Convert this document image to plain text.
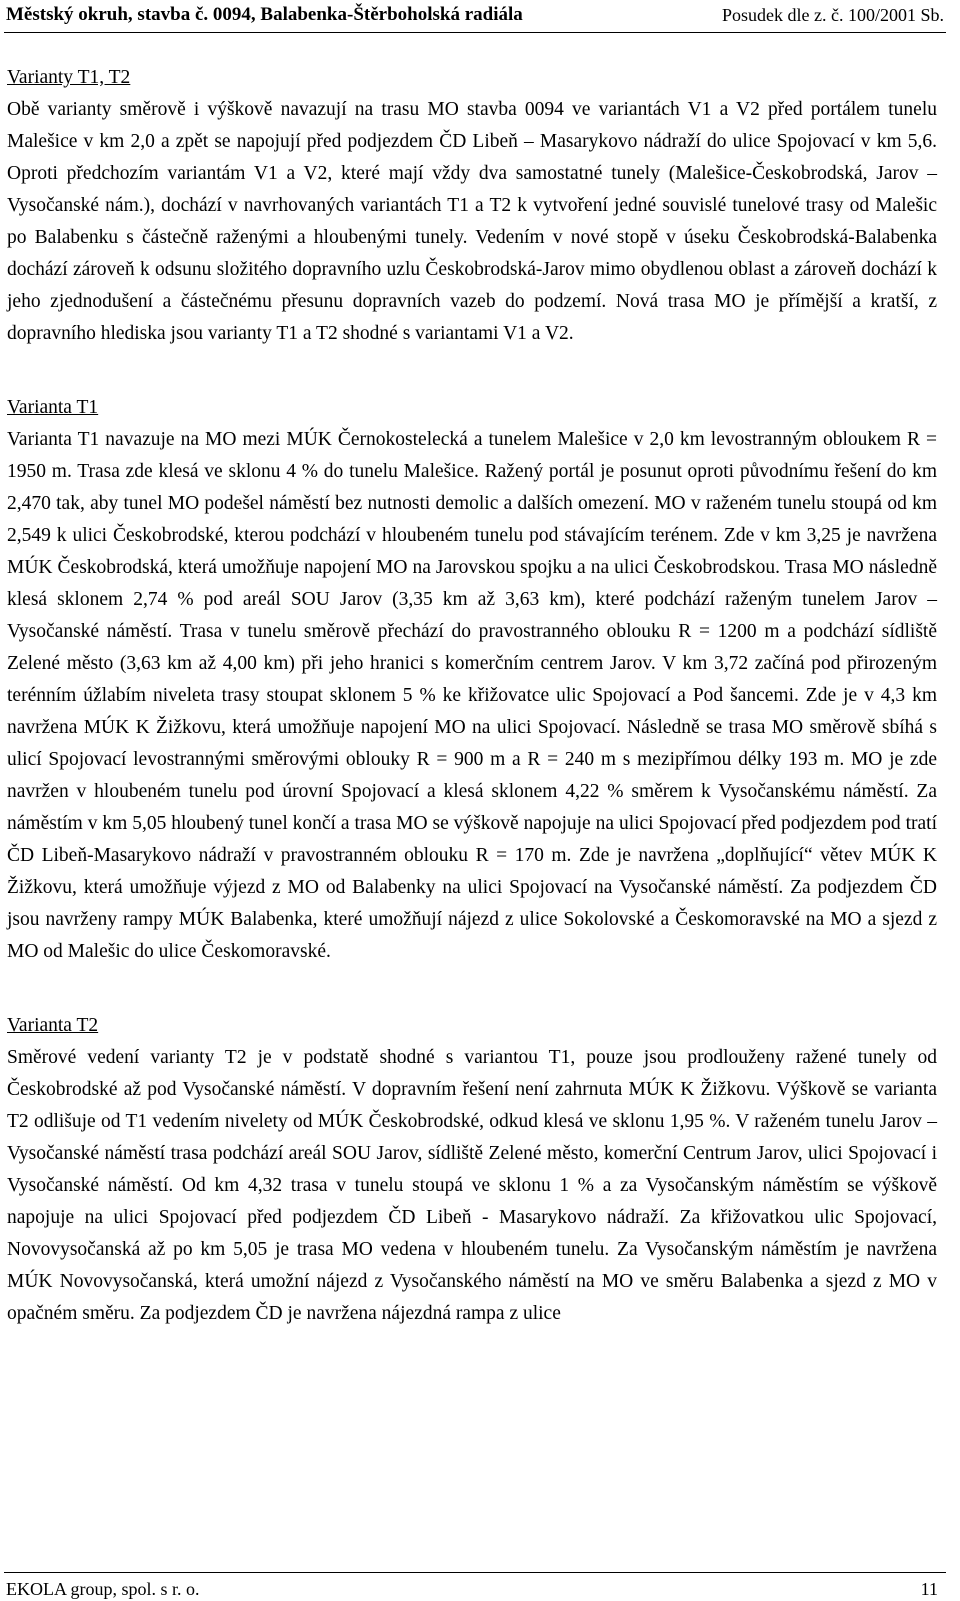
Městský okruh, stavba č. 0094, Balabenka-Štěrboholská radiála	Posudek dle z. č. 100/2001 Sb.

Varianty T1, T2

Obě varianty směrově i výškově navazují na trasu MO stavba 0094 ve variantách V1 a V2 před portálem tunelu Malešice v km 2,0 a zpět se napojují před podjezdem ČD Libeň – Masarykovo nádraží do ulice Spojovací v km 5,6. Oproti předchozím variantám V1 a V2, které mají vždy dva samostatné tunely (Malešice-Českobrodská, Jarov – Vysočanské nám.), dochází v navrhovaných variantách T1 a T2 k vytvoření jedné souvislé tunelové trasy od Malešic po Balabenku s částečně raženými a hloubenými tunely. Vedením v nové stopě v úseku Českobrodská-Balabenka dochází zároveň k odsunu složitého dopravního uzlu Českobrodská-Jarov mimo obydlenou oblast a zároveň dochází k jeho zjednodušení a částečnému přesunu dopravních vazeb do podzemí. Nová trasa MO je přímější a kratší, z dopravního hlediska jsou varianty T1 a T2 shodné s variantami V1 a V2.

Varianta T1

Varianta T1 navazuje na MO mezi MÚK Černokostelecká a tunelem Malešice v 2,0 km levostranným obloukem R = 1950 m. Trasa zde klesá ve sklonu 4 % do tunelu Malešice. Ražený portál je posunut oproti původnímu řešení do km 2,470 tak, aby tunel MO podešel náměstí bez nutnosti demolic a dalších omezení. MO v raženém tunelu stoupá od km 2,549 k ulici Českobrodské, kterou podchází v hloubeném tunelu pod stávajícím terénem. Zde v km 3,25 je navržena MÚK Českobrodská, která umožňuje napojení MO na Jarovskou spojku a na ulici Českobrodskou. Trasa MO následně klesá sklonem 2,74 % pod areál SOU Jarov (3,35 km až 3,63 km), které podchází raženým tunelem Jarov – Vysočanské náměstí. Trasa v tunelu směrově přechází do pravostranného oblouku R = 1200 m a podchází sídliště Zelené město (3,63 km až 4,00 km) při jeho hranici s komerčním centrem Jarov. V km 3,72 začíná pod přirozeným terénním úžlabím niveleta trasy stoupat sklonem 5 % ke křižovatce ulic Spojovací a Pod šancemi. Zde je v 4,3 km navržena MÚK K Žižkovu, která umožňuje napojení MO na ulici Spojovací. Následně se trasa MO směrově sbíhá s ulicí Spojovací levostrannými směrovými oblouky R = 900 m a R = 240 m s mezipřímou délky 193 m. MO je zde navržen v hloubeném tunelu pod úrovní Spojovací a klesá sklonem 4,22 % směrem k Vysočanskému náměstí. Za náměstím v km 5,05 hloubený tunel končí a trasa MO se výškově napojuje na ulici Spojovací před podjezdem pod tratí ČD Libeň-Masarykovo nádraží v pravostranném oblouku R = 170 m. Zde je navržena „doplňující“ větev MÚK K Žižkovu, která umožňuje výjezd z MO od Balabenky na ulici Spojovací na Vysočanské náměstí. Za podjezdem ČD jsou navrženy rampy MÚK Balabenka, které umožňují nájezd z ulice Sokolovské a Českomoravské na MO a sjezd z MO od Malešic do ulice Českomoravské.

Varianta T2

Směrové vedení varianty T2 je v podstatě shodné s variantou T1, pouze jsou prodlouženy ražené tunely od Českobrodské až pod Vysočanské náměstí. V dopravním řešení není zahrnuta MÚK K Žižkovu. Výškově se varianta T2 odlišuje od T1 vedením nivelety od MÚK Českobrodské, odkud klesá ve sklonu 1,95 %. V raženém tunelu Jarov – Vysočanské náměstí trasa podchází areál SOU Jarov, sídliště Zelené město, komerční Centrum Jarov, ulici Spojovací i Vysočanské náměstí. Od km 4,32 trasa v tunelu stoupá ve sklonu 1 % a za Vysočanským náměstím se výškově napojuje na ulici Spojovací před podjezdem ČD Libeň - Masarykovo nádraží. Za křižovatkou ulic Spojovací, Novovysočanská až po km 5,05 je trasa MO vedena v hloubeném tunelu. Za Vysočanským náměstím je navržena MÚK Novovysočanská, která umožní nájezd z Vysočanského náměstí na MO ve směru Balabenka a sjezd z MO v opačném směru. Za podjezdem ČD je navržena nájezdná rampa z ulice

EKOLA group, spol. s r. o.	11
